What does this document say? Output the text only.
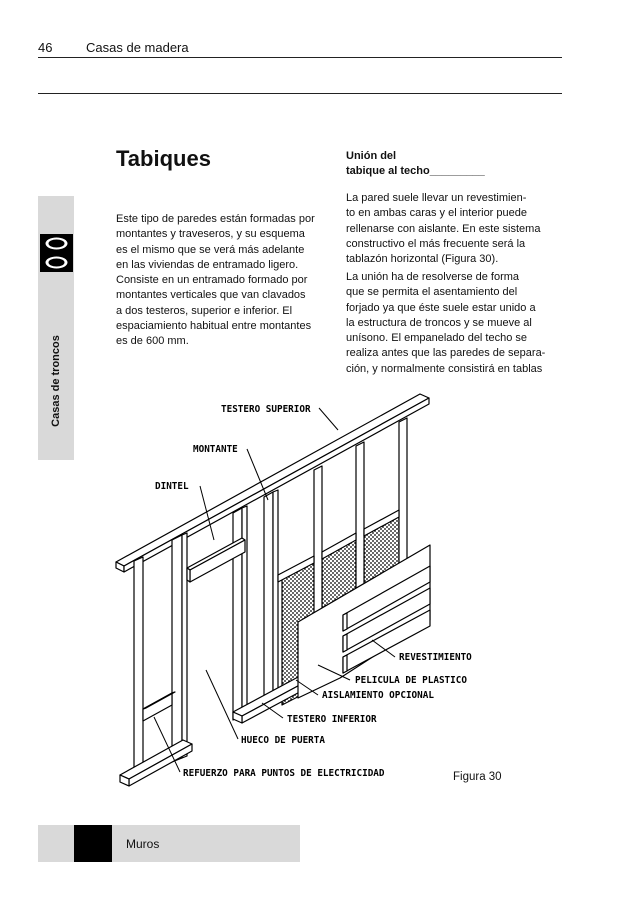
46	Casas de madera
Casas de troncos
Tabiques
Este tipo de paredes están formadas por
montantes y traveseros, y su esquema
es el mismo que se verá más adelante
en las viviendas de entramado ligero.
Consiste en un entramado formado por
montantes verticales que van clavados
a dos testeros, superior e inferior. El
espaciamiento habitual entre montantes
es de 600 mm.
Unión del
tabique al techo_________
La pared suele llevar un revestimien-
to en ambas caras y el interior puede
rellenarse con aislante. En este sistema
constructivo el más frecuente será la
tablazón horizontal (Figura 30).
La unión ha de resolverse de forma
que se permita el asentamiento del
forjado ya que éste suele estar unido a
la estructura de troncos y se mueve al
unísono. El empanelado del techo se
realiza antes que las paredes de separa-
ción, y normalmente consistirá en tablas
TESTERO SUPERIOR
MONTANTE
DINTEL
REVESTIMIENTO
PELICULA DE PLASTICO
AISLAMIENTO OPCIONAL
TESTERO INFERIOR
HUECO DE PUERTA
REFUERZO PARA PUNTOS DE ELECTRICIDAD	Figura 30
Muros
